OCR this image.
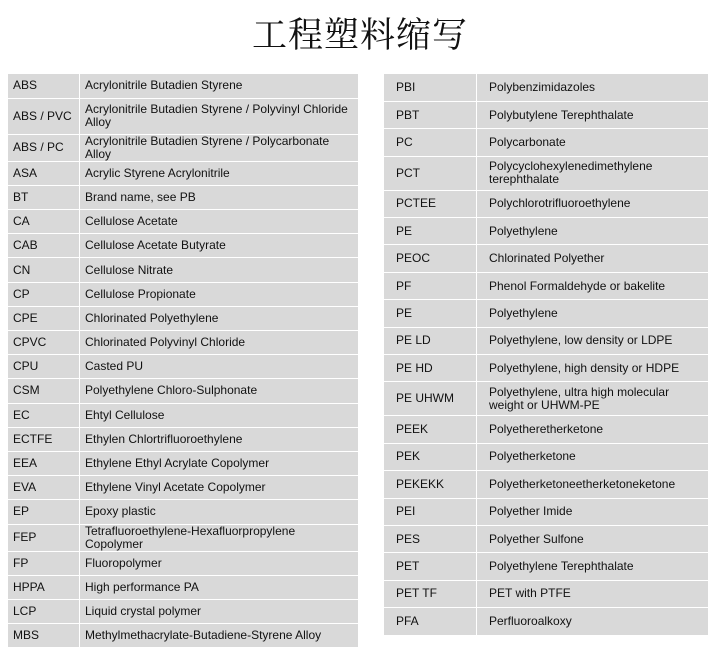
工程塑料缩写
ABS	Acrylonitrile Butadien Styrene
ABS / PVC	Acrylonitrile Butadien Styrene / Polyvinyl Chloride Alloy
ABS / PC	Acrylonitrile Butadien Styrene / Polycarbonate Alloy
ASA	Acrylic Styrene Acrylonitrile
BT	Brand name, see PB
CA	Cellulose Acetate
CAB	Cellulose Acetate Butyrate
CN	Cellulose Nitrate
CP	Cellulose Propionate
CPE	Chlorinated Polyethylene
CPVC	Chlorinated Polyvinyl Chloride
CPU	Casted PU
CSM	Polyethylene Chloro-Sulphonate
EC	Ehtyl Cellulose
ECTFE	Ethylen Chlortrifluoroethylene
EEA	Ethylene Ethyl Acrylate Copolymer
EVA	Ethylene Vinyl Acetate Copolymer
EP	Epoxy plastic
FEP	Tetrafluoroethylene-Hexafluorpropylene Copolymer
FP	Fluoropolymer
HPPA	High performance PA
LCP	Liquid crystal polymer
MBS	Methylmethacrylate-Butadiene-Styrene Alloy
PBI	Polybenzimidazoles
PBT	Polybutylene Terephthalate
PC	Polycarbonate
PCT	Polycyclohexylenedimethylene terephthalate
PCTEE	Polychlorotrifluoroethylene
PE	Polyethylene
PEOC	Chlorinated Polyether
PF	Phenol Formaldehyde or bakelite
PE	Polyethylene
PE LD	Polyethylene, low density or LDPE
PE HD	Polyethylene, high density or HDPE
PE UHWM	Polyethylene, ultra high molecular weight or UHWM-PE
PEEK	Polyetheretherketone
PEK	Polyetherketone
PEKEKK	Polyetherketoneetherketoneketone
PEI	Polyether Imide
PES	Polyether Sulfone
PET	Polyethylene Terephthalate
PET TF	PET with PTFE
PFA	Perfluoroalkoxy
